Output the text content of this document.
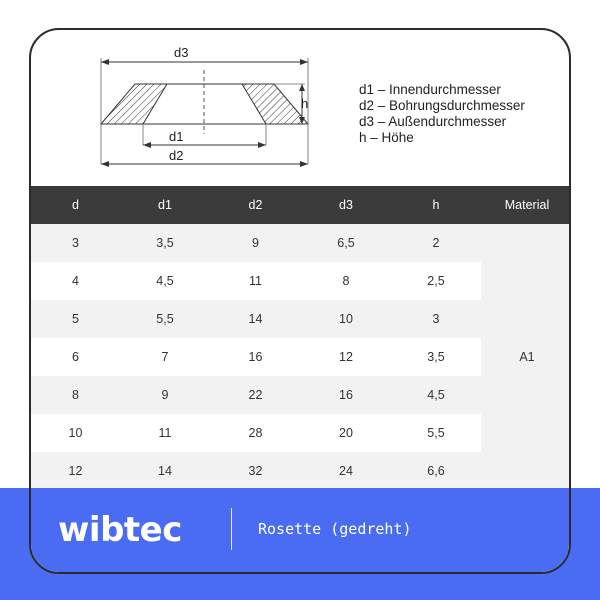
d3
h
d1
d2
d1 – Innendurchmesser
d2 – Bohrungsdurchmesser
d3 – Außendurchmesser
h – Höhe
d	d1	d2	d3	h	Material
3	3,5	9	6,5	2	A1
4	4,5	11	8	2,5	
5	5,5	14	10	3	
6	7	16	12	3,5	
8	9	22	16	4,5	
10	11	28	20	5,5	
12	14	32	24	6,6	
wibtec	Rosette (gedreht)
